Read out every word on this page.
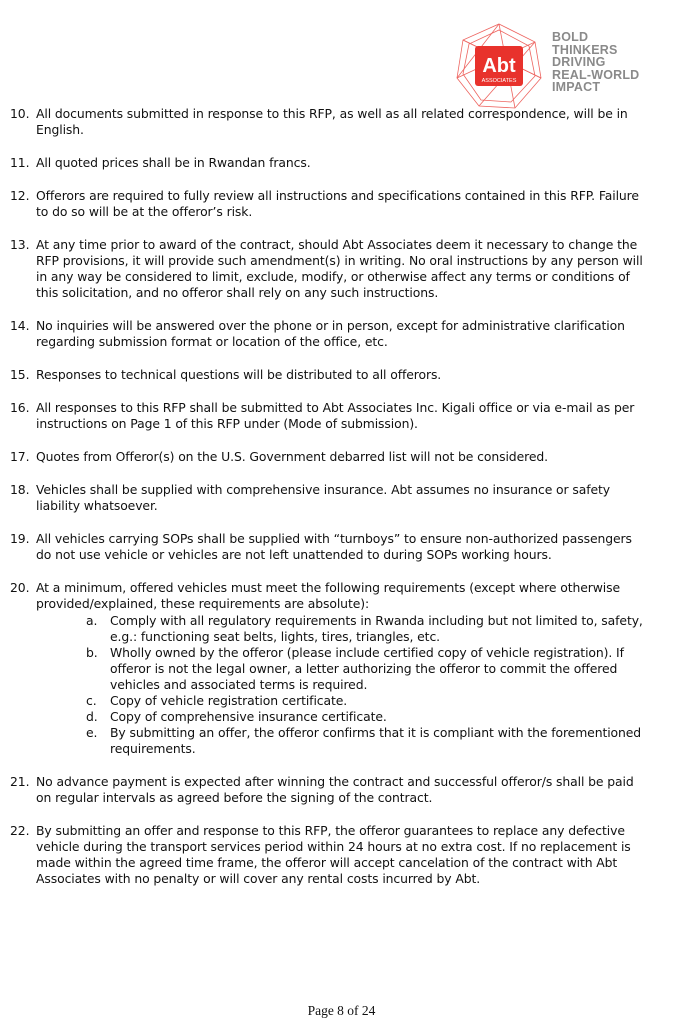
Abt
ASSOCIATES
BOLD
THINKERS
DRIVING
REAL-WORLD
IMPACT
10. All documents submitted in response to this RFP, as well as all related correspondence, will be in English.
11. All quoted prices shall be in Rwandan francs.
12. Offerors are required to fully review all instructions and specifications contained in this RFP. Failure to do so will be at the offeror’s risk.
13. At any time prior to award of the contract, should Abt Associates deem it necessary to change the RFP provisions, it will provide such amendment(s) in writing. No oral instructions by any person will in any way be considered to limit, exclude, modify, or otherwise affect any terms or conditions of this solicitation, and no offeror shall rely on any such instructions.
14. No inquiries will be answered over the phone or in person, except for administrative clarification regarding submission format or location of the office, etc.
15. Responses to technical questions will be distributed to all offerors.
16. All responses to this RFP shall be submitted to Abt Associates Inc. Kigali office or via e-mail as per instructions on Page 1 of this RFP under (Mode of submission).
17. Quotes from Offeror(s) on the U.S. Government debarred list will not be considered.
18. Vehicles shall be supplied with comprehensive insurance. Abt assumes no insurance or safety liability whatsoever.
19. All vehicles carrying SOPs shall be supplied with “turnboys” to ensure non-authorized passengers do not use vehicle or vehicles are not left unattended to during SOPs working hours.
20. At a minimum, offered vehicles must meet the following requirements (except where otherwise provided/explained, these requirements are absolute):
a. Comply with all regulatory requirements in Rwanda including but not limited to, safety, e.g.: functioning seat belts, lights, tires, triangles, etc.
b. Wholly owned by the offeror (please include certified copy of vehicle registration). If offeror is not the legal owner, a letter authorizing the offeror to commit the offered vehicles and associated terms is required.
c. Copy of vehicle registration certificate.
d. Copy of comprehensive insurance certificate.
e. By submitting an offer, the offeror confirms that it is compliant with the forementioned requirements.
21. No advance payment is expected after winning the contract and successful offeror/s shall be paid on regular intervals as agreed before the signing of the contract.
22. By submitting an offer and response to this RFP, the offeror guarantees to replace any defective vehicle during the transport services period within 24 hours at no extra cost. If no replacement is made within the agreed time frame, the offeror will accept cancelation of the contract with Abt Associates with no penalty or will cover any rental costs incurred by Abt.
Page 8 of 24
